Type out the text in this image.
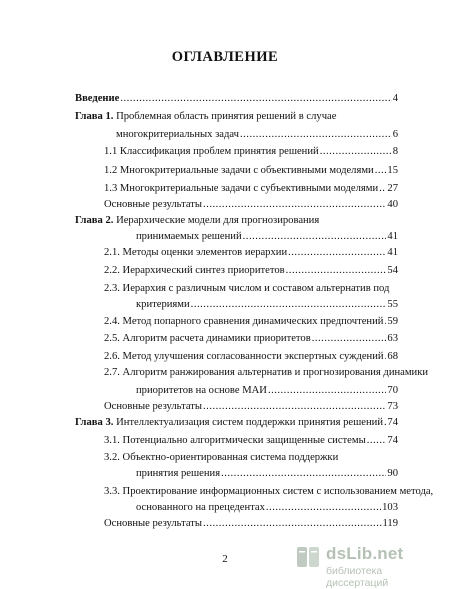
ОГЛАВЛЕНИЕ
Введение .....	4
Глава 1. Проблемная область принятия решений в случае
многокритериальных задач .....	6
1.1 Классификация проблем принятия решений .....	8
1.2 Многокритериальные задачи с объективными моделями ..... 15
1.3 Многокритериальные задачи с субъективными моделями ..... 27
Основные результаты .....	40
Глава 2. Иерархические модели для прогнозирования
принимаемых решений .....	41
2.1. Методы оценки элементов иерархии .....	41
2.2. Иерархический синтез приоритетов .....	54
2.3. Иерархия с различным числом и составом альтернатив под
критериями .....	55
2.4. Метод попарного сравнения динамических предпочтений ..... 59
2.5. Алгоритм расчета динамики приоритетов .....	63
2.6. Метод улучшения согласованности экспертных суждений ..... 68
2.7. Алгоритм ранжирования альтернатив и прогнозирования динамики
приоритетов на основе МАИ .....	70
Основные результаты .....	73
Глава 3. Интеллектуализация систем поддержки принятия решений ..... 74
3.1. Потенциально алгоритмически защищенные системы ..... 74
3.2. Объектно-ориентированная система поддержки
принятия решения .....	90
3.3. Проектирование информационных систем с использованием метода,
основанного на прецедентах .....	103
Основные результаты .....	119
2	dsLib.net
библиотека диссертаций
